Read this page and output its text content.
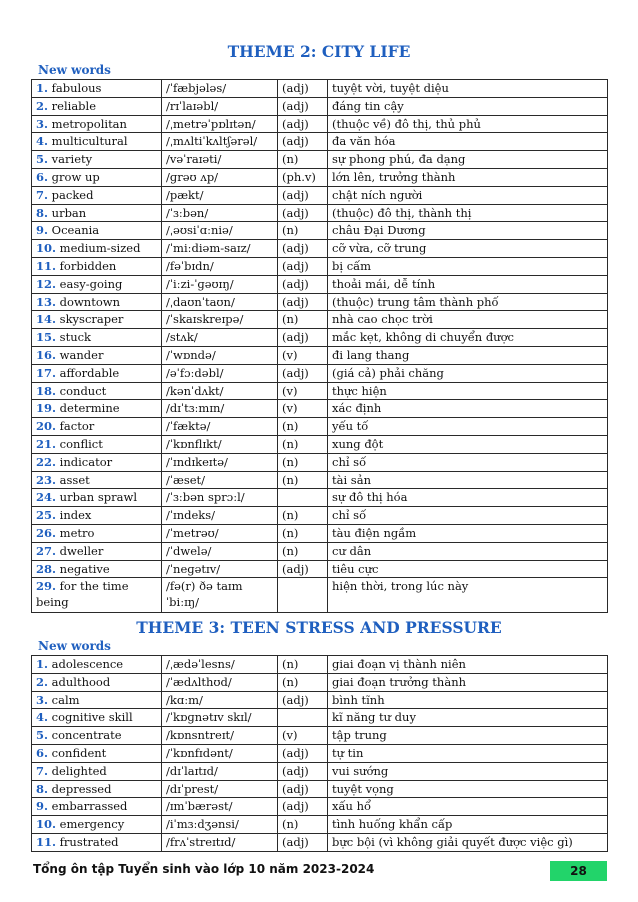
THEME 2: CITY LIFE
New words
1. fabulous	/ˈfæbjələs/	(adj)	tuyệt vời, tuyệt diệu
2. reliable	/rɪˈlaɪəbl/	(adj)	đáng tin cậy
3. metropolitan	/ˌmetrəˈpɒlɪtən/	(adj)	(thuộc về) đô thị, thủ phủ
4. multicultural	/ˌmʌltiˈkʌltʃərəl/	(adj)	đa văn hóa
5. variety	/vəˈraɪəti/	(n)	sự phong phú, đa dạng
6. grow up	/ɡrəʊ ʌp/	(ph.v)	lớn lên, trưởng thành
7. packed	/pækt/	(adj)	chật ních người
8. urban	/ˈɜːbən/	(adj)	(thuộc) đô thị, thành thị
9. Oceania	/ˌəʊsiˈɑːniə/	(n)	châu Đại Dương
10. medium-sized	/ˈmiːdiəm-saɪz/	(adj)	cỡ vừa, cỡ trung
11. forbidden	/fəˈbɪdn/	(adj)	bị cấm
12. easy-going	/ˈiːzi-ˈɡəʊɪŋ/	(adj)	thoải mái, dễ tính
13. downtown	/ˌdaʊnˈtaʊn/	(adj)	(thuộc) trung tâm thành phố
14. skyscraper	/ˈskaɪskreɪpə/	(n)	nhà cao chọc trời
15. stuck	/stʌk/	(adj)	mắc kẹt, không di chuyển được
16. wander	/ˈwɒndə/	(v)	đi lang thang
17. affordable	/əˈfɔːdəbl/	(adj)	(giá cả) phải chăng
18. conduct	/kənˈdʌkt/	(v)	thực hiện
19. determine	/dɪˈtɜːmɪn/	(v)	xác định
20. factor	/ˈfæktə/	(n)	yếu tố
21. conflict	/ˈkɒnflɪkt/	(n)	xung đột
22. indicator	/ˈɪndɪkeɪtə/	(n)	chỉ số
23. asset	/ˈæset/	(n)	tài sản
24. urban sprawl	/ˈɜːbən sprɔːl/		sự đô thị hóa
25. index	/ˈɪndeks/	(n)	chỉ số
26. metro	/ˈmetrəʊ/	(n)	tàu điện ngầm
27. dweller	/ˈdwelə/	(n)	cư dân
28. negative	/ˈneɡətɪv/	(adj)	tiêu cực
29. for the time being	/fə(r) ðə taɪm ˈbiːɪŋ/		hiện thời, trong lúc này
THEME 3: TEEN STRESS AND PRESSURE
New words
1. adolescence	/ˌædəˈlesns/	(n)	giai đoạn vị thành niên
2. adulthood	/ˈædʌlthʊd/	(n)	giai đoạn trưởng thành
3. calm	/kɑːm/	(adj)	bình tĩnh
4. cognitive skill	/ˈkɒɡnətɪv skɪl/		kĩ năng tư duy
5. concentrate	/kɒnsntreɪt/	(v)	tập trung
6. confident	/ˈkɒnfɪdənt/	(adj)	tự tin
7. delighted	/dɪˈlaɪtɪd/	(adj)	vui sướng
8. depressed	/dɪˈprest/	(adj)	tuyệt vọng
9. embarrassed	/ɪmˈbærəst/	(adj)	xấu hổ
10. emergency	/iˈmɜːdʒənsi/	(n)	tình huống khẩn cấp
11. frustrated	/frʌˈstreɪtɪd/	(adj)	bực bội (vì không giải quyết được việc gì)
Tổng ôn tập Tuyển sinh vào lớp 10 năm 2023-2024	28
